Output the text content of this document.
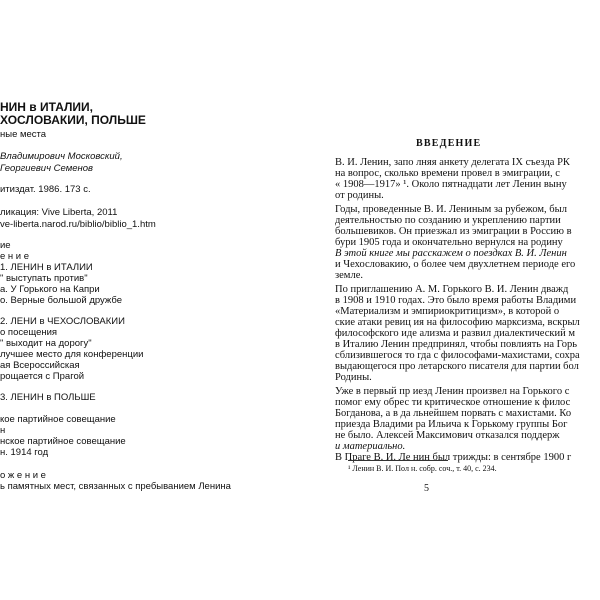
НИН в ИТАЛИИ,
ХОСЛОВАКИИ, ПОЛЬШЕ
ные места
Владимирович Московский,
Георгиевич Семенов
итиздат. 1986. 173 с.
ликация: Vive Liberta, 2011
ve-liberta.narod.ru/biblio/biblio_1.htm
ие
е н и е
1. ЛЕНИН в ИТАЛИИ
" выступать против"
а. У Горького на Капри
о. Верные большой дружбе
2. ЛЕНИ в ЧЕХОСЛОВАКИИ
о посещения
" выходит на дорогу"
лучшее место для конференции
ая Всероссийская
рощается с Прагой
3. ЛЕНИН в ПОЛЬШЕ
кое партийное совещание
н
нское партийное совещание
н. 1914 год
о ж е н и е
ь памятных мест, связанных с пребыванием Ленина
ВВЕДЕНИЕ
В. И. Ленин, запо лняя анкету делегата IX съезда РК
на вопрос, сколько времени провел в эмиграции, с
« 1908—1917» ¹. Около пятнадцати лет Ленин выну
от родины.
Годы, проведенные В. И. Лениным за рубежом, был
деятельностью по созданию и укреплению партии
большевиков. Он приезжал из эмиграции в Россию в
бури 1905 года и окончательно вернулся на родину
В этой книге мы расскажем о поездках В. И. Ленин
и Чехословакию, о более чем двухлетнем периоде его
земле.
По приглашению А. М. Горького В. И. Ленин дважд
в 1908 и 1910 годах. Это было время работы Владими
«Материализм и эмпириокритицизм», в которой о
ские атаки ревиц ия на философию марксизма, вскрыл
философского иде ализма и развил диалектический м
в Италию Ленин предпринял, чтобы повлиять на Горь
сблизившегося то гда с философами-махистами, сохра
выдающегося про летарского писателя для партии бол
Родины.
Уже в первый пр иезд Ленин произвел на Горького с
помог ему обрес ти критическое отношение к филос
Богданова, а в да льнейшем порвать с махистами. Ко
приезда Владими ра Ильича к Горькому группы Бог
не было. Алексей Максимович отказался поддерж
и материально.
В Праге В. И. Ле нин был трижды: в сентябре 1900 г
¹ Ленин В. И. Пол н. собр. соч., т. 40, с. 234.
5
